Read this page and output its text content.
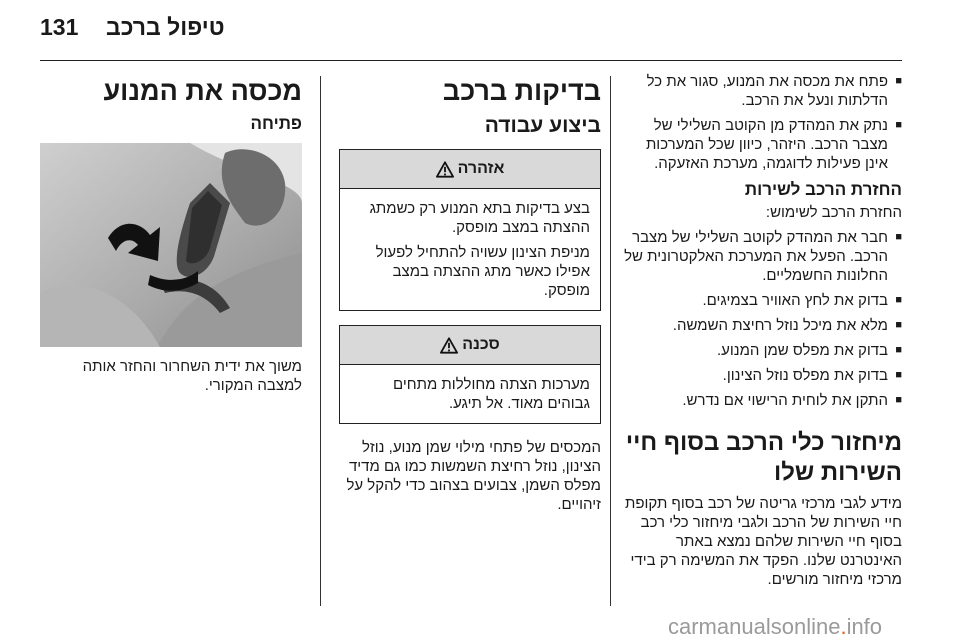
131 טיפול ברכב
■ פתח את מכסה את המנוע, סגור את כל הדלתות ונעל את הרכב.
■ נתק את המהדק מן הקוטב השלילי של מצבר הרכב. היזהר, כיוון שכל המערכות אינן פעילות לדוגמה, מערכת האזעקה.
החזרת הרכב לשירות
החזרת הרכב לשימוש:
■ חבר את המהדק לקוטב השלילי של מצבר הרכב. הפעל את המערכת האלקטרונית של החלונות החשמליים.
■ בדוק את לחץ האוויר בצמיגים.
■ מלא את מיכל נוזל רחיצת השמשה.
■ בדוק את מפלס שמן המנוע.
■ בדוק את מפלס נוזל הצינון.
■ התקן את לוחית הרישוי אם נדרש.
מיחזור כלי הרכב בסוף חיי
השירות שלו
מידע לגבי מרכזי גריטה של רכב בסוף תקופת חיי השירות של הרכב ולגבי מיחזור כלי רכב בסוף חיי השירות שלהם נמצא באתר האינטרנט שלנו. הפקד את המשימה רק בידי מרכזי מיחזור מורשים.
בדיקות ברכב
ביצוע עבודה
אזהרה
בצע בדיקות בתא המנוע רק כשמתג ההצתה במצב מופסק.
מניפת הצינון עשויה להתחיל לפעול אפילו כאשר מתג ההצתה במצב מופסק.
סכנה
מערכות הצתה מחוללות מתחים גבוהים מאוד. אל תיגע.
המכסים של פתחי מילוי שמן מנוע, נוזל הצינון, נוזל רחיצת השמשות כמו גם מדיד מפלס השמן, צבועים בצהוב כדי להקל על זיהויים.
מכסה את המנוע
פתיחה
משוך את ידית השחרור והחזר אותה למצבה המקורי.
carmanualsonline.info
